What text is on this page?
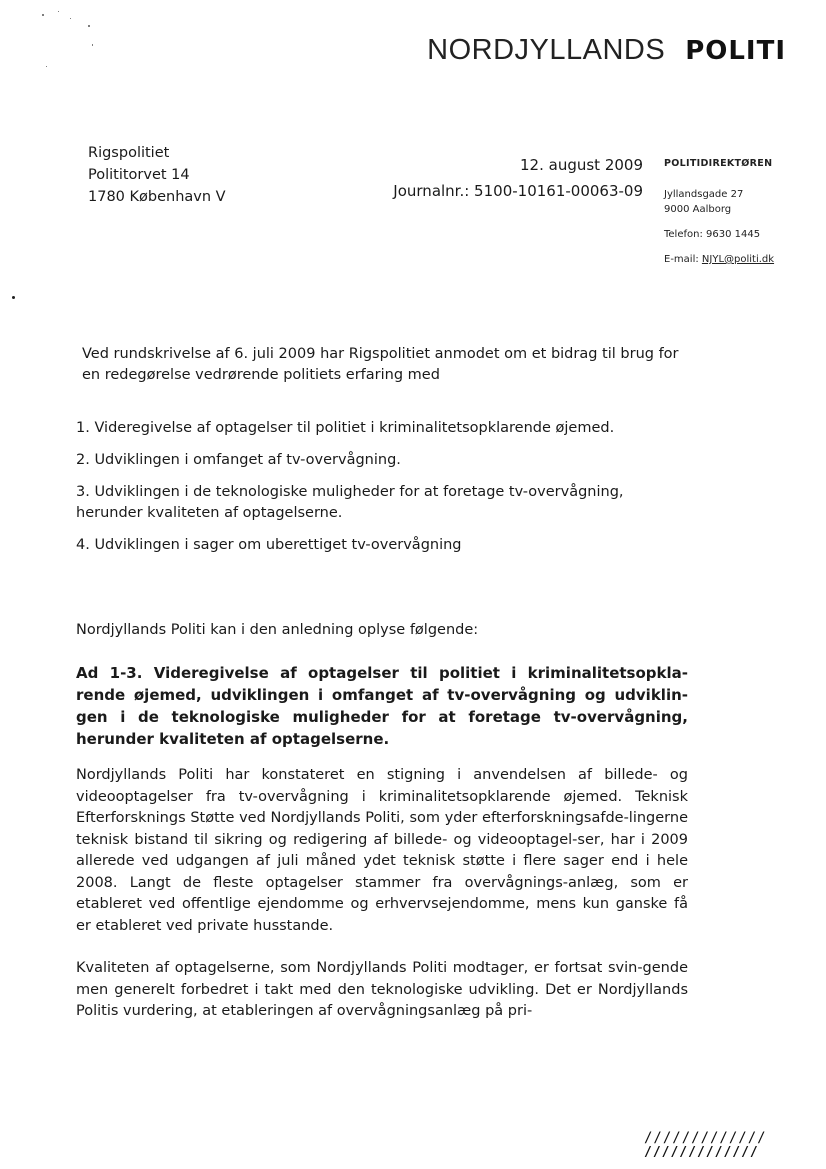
NORDJYLLANDS POLITI
Rigspolitiet
Polititorvet 14
1780 København V
12. august 2009
Journalnr.: 5100-10161-00063-09
POLITIDIREKTØREN
Jyllandsgade 27
9000 Aalborg
Telefon: 9630 1445
E-mail: NJYL@politi.dk
Ved rundskrivelse af 6. juli 2009 har Rigspolitiet anmodet om et bidrag til brug for en redegørelse vedrørende politiets erfaring med
1. Videregivelse af optagelser til politiet i kriminalitetsopklarende øjemed.
2. Udviklingen i omfanget af tv-overvågning.
3. Udviklingen i de teknologiske muligheder for at foretage tv-overvågning, herunder kvaliteten af optagelserne.
4. Udviklingen i sager om uberettiget tv-overvågning
Nordjyllands Politi kan i den anledning oplyse følgende:
Ad 1-3. Videregivelse af optagelser til politiet i kriminalitetsopkla-rende øjemed, udviklingen i omfanget af tv-overvågning og udviklin-gen i de teknologiske muligheder for at foretage tv-overvågning, herunder kvaliteten af optagelserne.
Nordjyllands Politi har konstateret en stigning i anvendelsen af billede- og videooptagelser fra tv-overvågning i kriminalitetsopklarende øjemed. Teknisk Efterforsknings Støtte ved Nordjyllands Politi, som yder efterforskningsafde-lingerne teknisk bistand til sikring og redigering af billede- og videooptagel-ser, har i 2009 allerede ved udgangen af juli måned ydet teknisk støtte i flere sager end i hele 2008. Langt de fleste optagelser stammer fra overvågnings-anlæg, som er etableret ved offentlige ejendomme og erhvervsejendomme, mens kun ganske få er etableret ved private husstande.
Kvaliteten af optagelserne, som Nordjyllands Politi modtager, er fortsat svin-gende men generelt forbedret i takt med den teknologiske udvikling. Det er Nordjyllands Politis vurdering, at etableringen af overvågningsanlæg på pri-
/////////////
/////////////
